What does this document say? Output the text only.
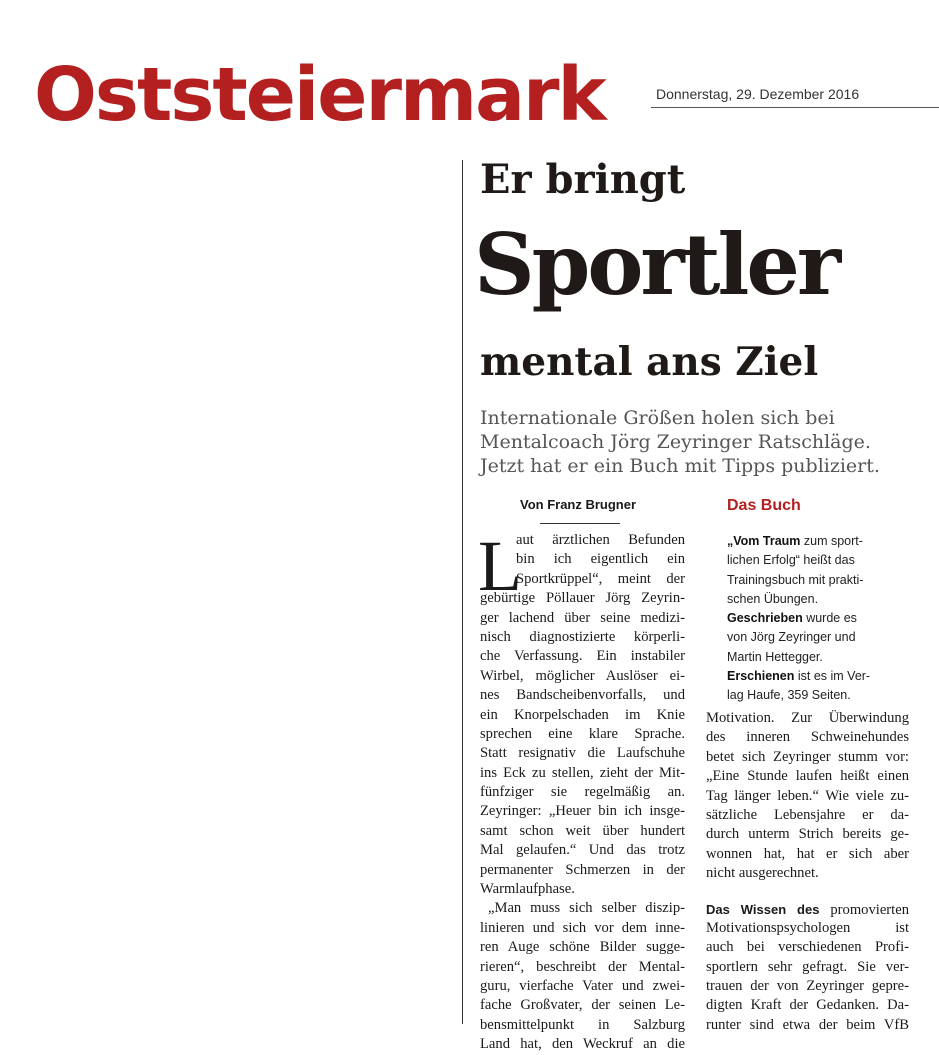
Oststeiermark	Donnerstag, 29. Dezember 2016
Er bringt
Sportler
mental ans Ziel
Internationale Größen holen sich bei
Mentalcoach Jörg Zeyringer Ratschläge.
Jetzt hat er ein Buch mit Tipps publiziert.
Von Franz Brugner
L
aut ärztlichen Befunden
bin ich eigentlich ein
Sportkrüppel“, meint der
gebürtige Pöllauer Jörg Zeyrin-
ger lachend über seine medizi-
nisch diagnostizierte körperli-
che Verfassung. Ein instabiler
Wirbel, möglicher Auslöser ei-
nes Bandscheibenvorfalls, und
ein Knorpelschaden im Knie
sprechen eine klare Sprache.
Statt resignativ die Laufschuhe
ins Eck zu stellen, zieht der Mit-
fünfziger sie regelmäßig an.
Zeyringer: „Heuer bin ich insge-
samt schon weit über hundert
Mal gelaufen.“ Und das trotz
permanenter Schmerzen in der
Warmlaufphase.
„Man muss sich selber diszip-
linieren und sich vor dem inne-
ren Auge schöne Bilder sugge-
rieren“, beschreibt der Mental-
guru, vierfache Vater und zwei-
fache Großvater, der seinen Le-
bensmittelpunkt in Salzburg
Land hat, den Weckruf an die
Das Buch
„Vom Traum zum sport-
lichen Erfolg“ heißt das
Trainingsbuch mit prakti-
schen Übungen.
Geschrieben wurde es
von Jörg Zeyringer und
Martin Hettegger.
Erschienen ist es im Ver-
lag Haufe, 359 Seiten.
Motivation. Zur Überwindung
des inneren Schweinehundes
betet sich Zeyringer stumm vor:
„Eine Stunde laufen heißt einen
Tag länger leben.“ Wie viele zu-
sätzliche Lebensjahre er da-
durch unterm Strich bereits ge-
wonnen hat, hat er sich aber
nicht ausgerechnet.
Das Wissen des promovierten
Motivationspsychologen ist
auch bei verschiedenen Profi-
sportlern sehr gefragt. Sie ver-
trauen der von Zeyringer gepre-
digten Kraft der Gedanken. Da-
runter sind etwa der beim VfB
